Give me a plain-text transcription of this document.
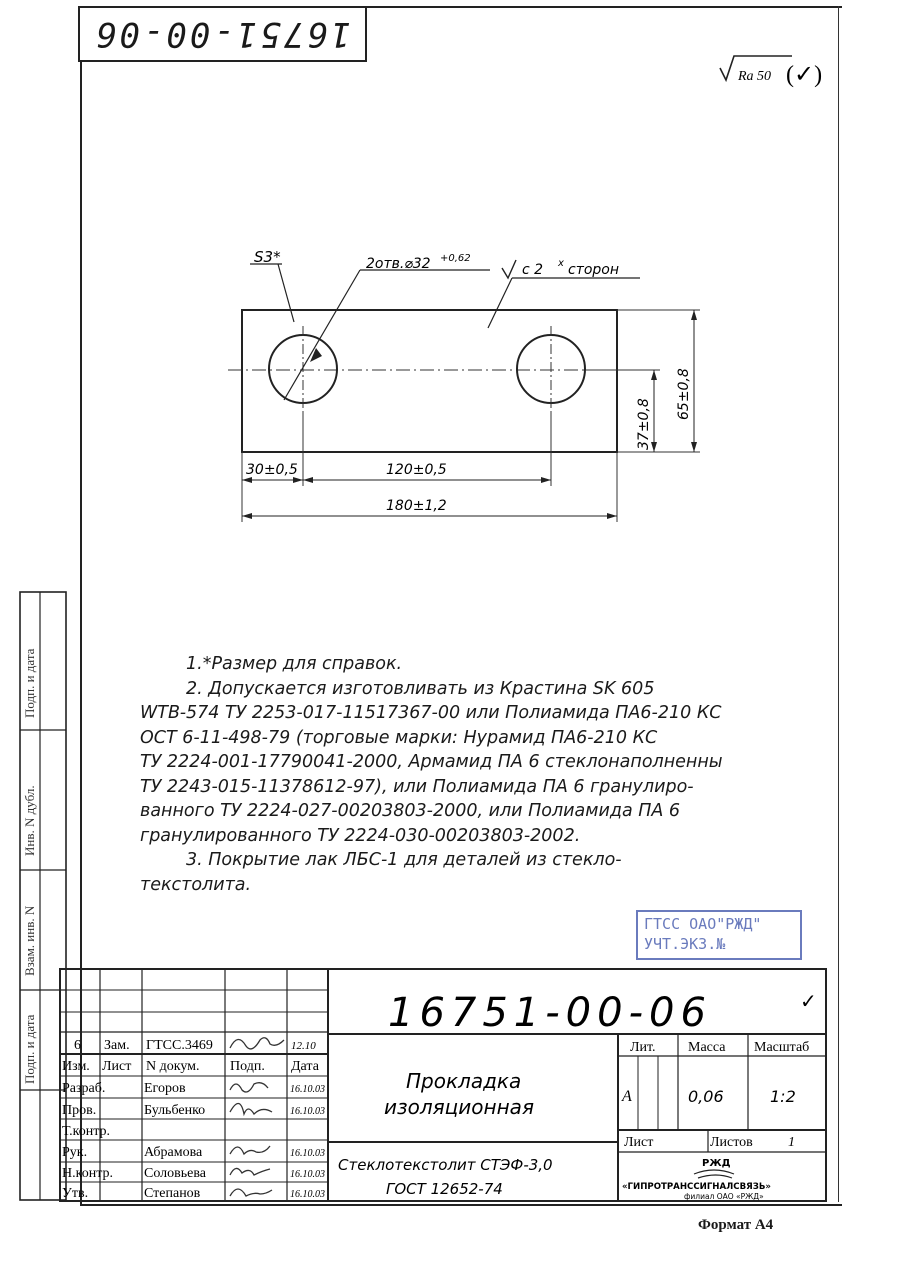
16751-00-06
Ra 50 (✓)
S3*	2отв.⌀32 +0,62
с 2 х сторон
30±0,5	120±0,5
180±1,2
37±0,8
65±0,8

1.*Размер для справок.

2. Допускается изготовливать из Крастина SK 605

WTB-574 ТУ 2253-017-11517367-00 или Полиамида ПА6-210 КС

ОСТ 6-11-498-79 (торговые марки: Нурамид ПА6-210 КС

ТУ 2224-001-17790041-2000, Армамид ПА 6 стеклонаполненны

ТУ 2243-015-11378612-97), или Полиамида ПА 6 гранулиро-

ванного ТУ 2224-027-00203803-2000, или Полиамида ПА 6

гранулированного ТУ 2224-030-00203803-2002.

3. Покрытие лак ЛБС-1 для деталей из стекло-

текстолита.

ГТСС ОАО"РЖД"
УЧТ.ЭКЗ.№
Подп. и дата
Инв. N дубл.
Взам. инв. N
Подп. и дата
16751-00-06	✓
Прокладка
изоляционная
Стеклотекстолит СТЭФ-3,0
ГОСТ 12652-74
6 Зам. ГТСС.3469	12.10
Изм. Лист N докум. Подп. Дата
Разраб.	Егоров	16.10.03
Пров.	Бульбенко	16.10.03
Т.контр.
Рук.	Абрамова	16.10.03
Н.контр. Соловьева	16.10.03
Утв.	Степанов	16.10.03
Лит. Масса Масштаб
А	0,06	1:2
Лист	Листов	1
РЖД
«ГИПРОТРАНССИГНАЛСВЯЗЬ»
филиал ОАО «РЖД»
Формат А4
